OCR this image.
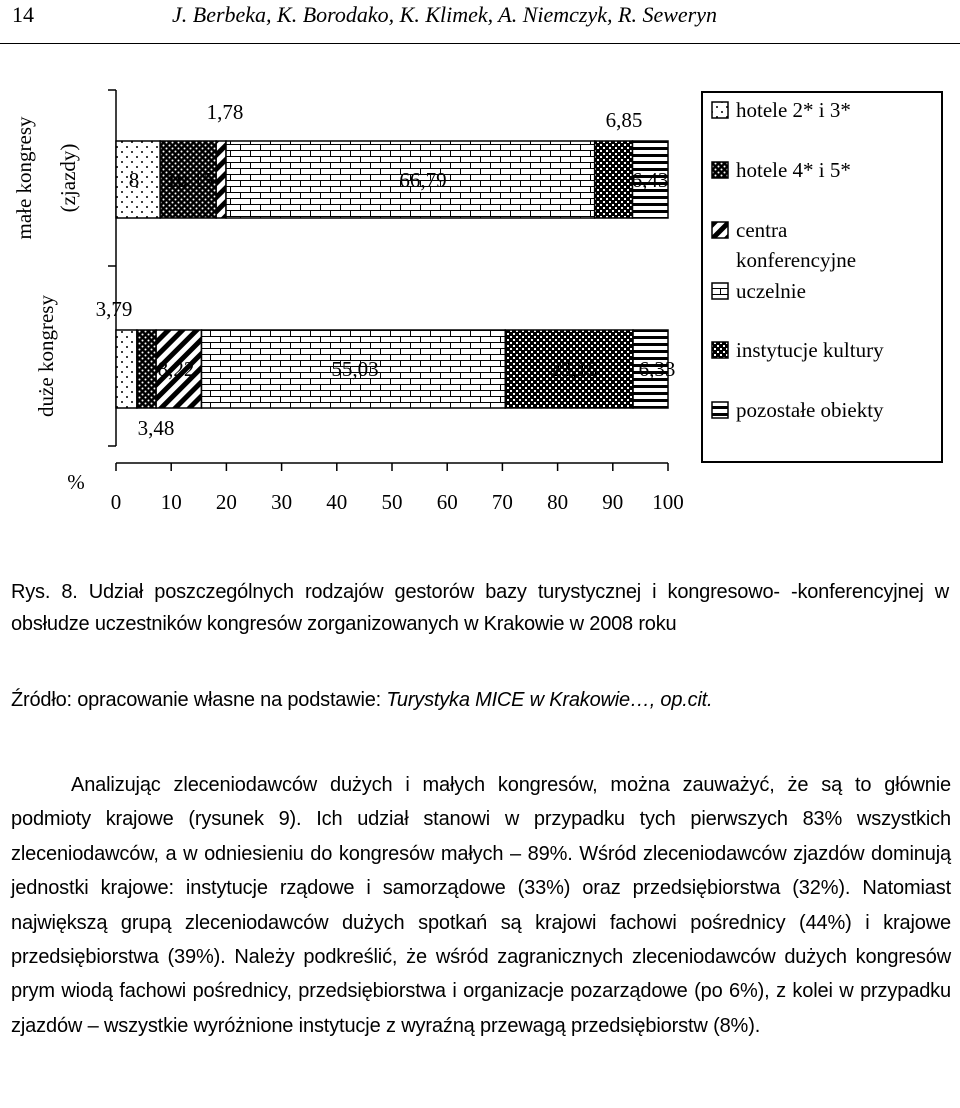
14	J. Berbeka, K. Borodako, K. Klimek, A. Niemczyk, R. Seweryn
0 10 20 30 40 50 60 70 80 90 100
%
małe kongresy (zjazdy)
duże kongresy
8 10,15
1,78
66,79
6,85
6,43
3,79
3,48
8,22	55,03	23,15 6,33
hotele 2* i 3*
hotele 4* i 5*
centra
konferencyjne
uczelnie
instytucje kultury
pozostałe obiekty
Rys. 8. Udział poszczególnych rodzajów gestorów bazy turystycznej i kongresowo- -konferencyjnej w obsłudze uczestników kongresów zorganizowanych w Krakowie w 2008 roku
Źródło: opracowanie własne na podstawie: Turystyka MICE w Krakowie…, op.cit.
Analizując zleceniodawców dużych i małych kongresów, można zauważyć, że są to głównie podmioty krajowe (rysunek 9). Ich udział stanowi w przypadku tych pierwszych 83% wszystkich zleceniodawców, a w odniesieniu do kongresów małych – 89%. Wśród zleceniodawców zjazdów dominują jednostki krajowe: instytucje rządowe i samorządowe (33%) oraz przedsiębiorstwa (32%). Natomiast największą grupą zleceniodawców dużych spotkań są krajowi fachowi pośrednicy (44%) i krajowe przedsiębiorstwa (39%). Należy podkreślić, że wśród zagranicznych zleceniodawców dużych kongresów prym wiodą fachowi pośrednicy, przedsiębiorstwa i organizacje pozarządowe (po 6%), z kolei w przypadku zjazdów – wszystkie wyróżnione instytucje z wyraźną przewagą przedsiębiorstw (8%).
